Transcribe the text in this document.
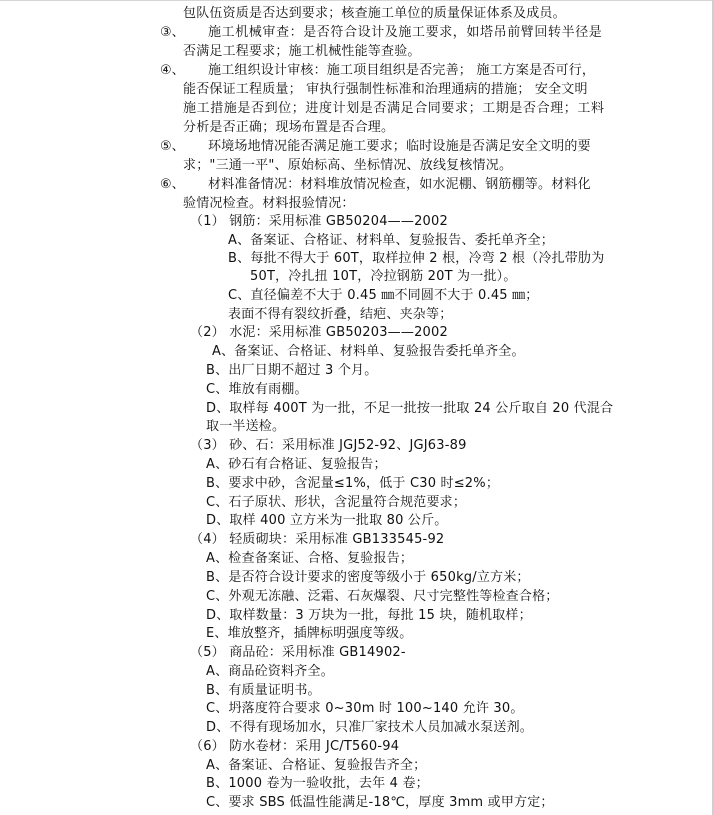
包队伍资质是否达到要求；核查施工单位的质量保证体系及成员。
③、 施工机械审查：是否符合设计及施工要求，如塔吊前臂回转半径是
否满足工程要求；施工机械性能等查验。
④、 施工组织设计审核：施工项目组织是否完善； 施工方案是否可行，
能否保证工程质量； 审执行强制性标准和治理通病的措施； 安全文明
施工措施是否到位；进度计划是否满足合同要求；工期是否合理；工料
分析是否正确；现场布置是否合理。
⑤、 环境场地情况能否满足施工要求；临时设施是否满足安全文明的要
求；"三通一平"、原始标高、坐标情况、放线复核情况。
⑥、 材料准备情况：材料堆放情况检查，如水泥棚、钢筋棚等。材料化
验情况检查。材料报验情况：
（1） 钢筋：采用标准 GB50204——2002
A、备案证、合格证、材料单、复验报告、委托单齐全；
B、每批不得大于 60T，取样拉伸 2 根，冷弯 2 根（冷扎带肋为
50T，冷扎扭 10T，冷拉钢筋 20T 为一批）。
C、直径偏差不大于 0.45 ㎜不同圆不大于 0.45 ㎜；
表面不得有裂纹折叠，结疤、夹杂等；
（2） 水泥：采用标准 GB50203——2002
A、备案证、合格证、材料单、复验报告委托单齐全。
B、出厂日期不超过 3 个月。
C、堆放有雨棚。
D、取样每 400T 为一批，不足一批按一批取 24 公斤取自 20 代混合
取一半送检。
（3） 砂、石：采用标准 JGJ52-92、JGJ63-89
A、砂石有合格证、复验报告；
B、要求中砂，含泥量≤1%，低于 C30 时≤2%；
C、石子原状、形状，含泥量符合规范要求；
D、取样 400 立方米为一批取 80 公斤。
（4） 轻质砌块：采用标准 GB133545-92
A、检查备案证、合格、复验报告；
B、是否符合设计要求的密度等级小于 650kg/立方米；
C、外观无冻融、泛霜、石灰爆裂、尺寸完整性等检查合格；
D、取样数量：3 万块为一批，每批 15 块，随机取样；
E、堆放整齐，插牌标明强度等级。
（5） 商品砼：采用标准 GB14902-
A、商品砼资料齐全。
B、有质量证明书。
C、坍落度符合要求 0~30m 时 100~140 允许 30。
D、不得有现场加水，只准厂家技术人员加减水泵送剂。
（6） 防水卷材：采用 JC/T560-94
A、备案证、合格证、复验报告齐全；
B、1000 卷为一验收批，去年 4 卷；
C、要求 SBS 低温性能满足-18℃，厚度 3mm 或甲方定；
